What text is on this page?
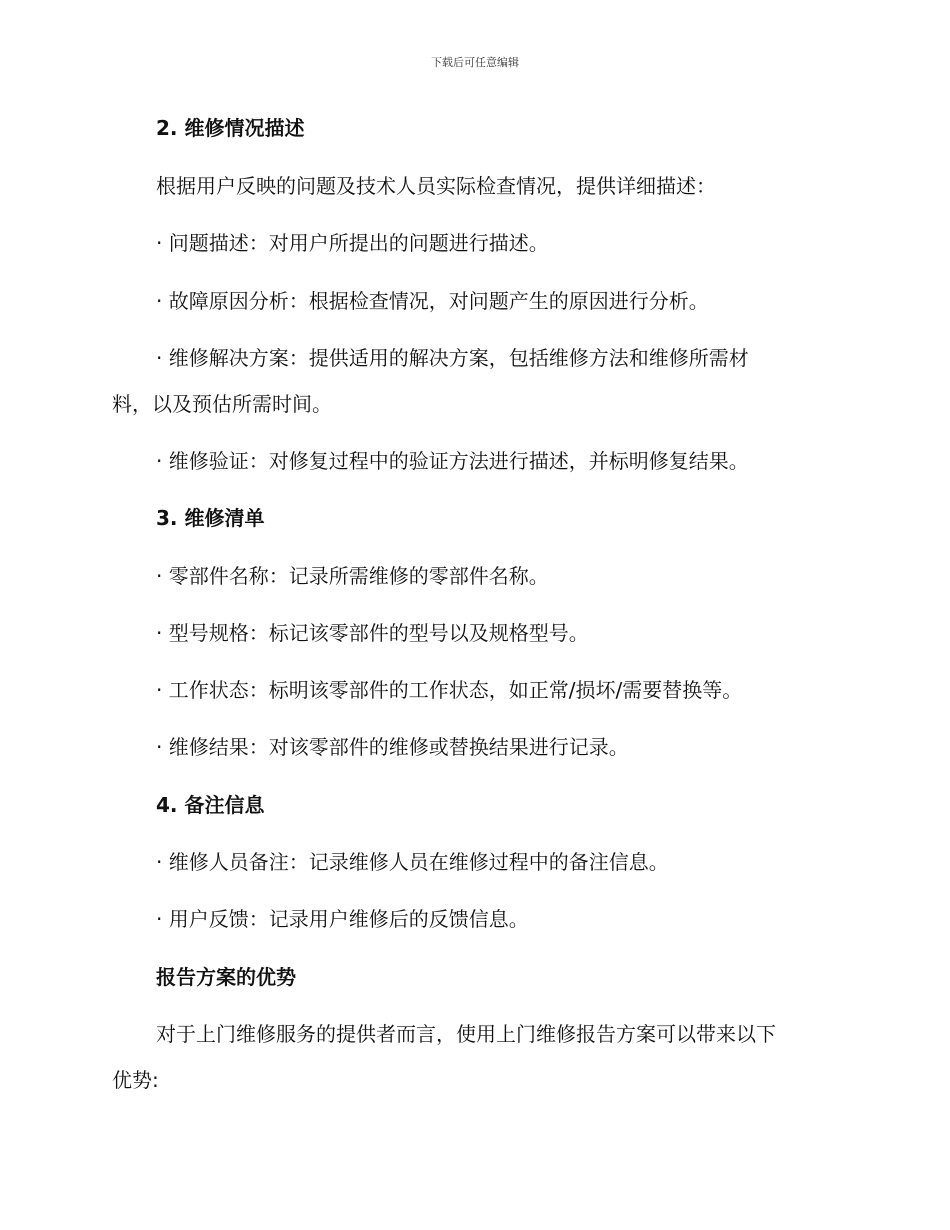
下载后可任意编辑
2. 维修情况描述
根据用户反映的问题及技术人员实际检查情况，提供详细描述：
· 问题描述：对用户所提出的问题进行描述。
· 故障原因分析：根据检查情况，对问题产生的原因进行分析。
· 维修解决方案：提供适用的解决方案，包括维修方法和维修所需材
料，以及预估所需时间。
· 维修验证：对修复过程中的验证方法进行描述，并标明修复结果。
3. 维修清单
· 零部件名称：记录所需维修的零部件名称。
· 型号规格：标记该零部件的型号以及规格型号。
· 工作状态：标明该零部件的工作状态，如正常/损坏/需要替换等。
· 维修结果：对该零部件的维修或替换结果进行记录。
4. 备注信息
· 维修人员备注：记录维修人员在维修过程中的备注信息。
· 用户反馈：记录用户维修后的反馈信息。
报告方案的优势
对于上门维修服务的提供者而言，使用上门维修报告方案可以带来以下
优势:
